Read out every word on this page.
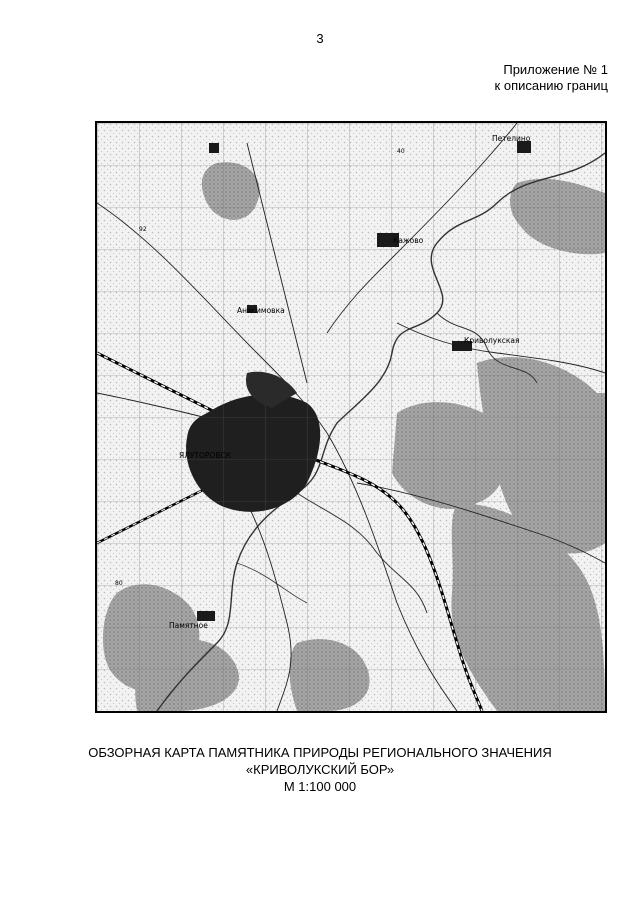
3
Приложение № 1
к описанию границ
Петелино
ЯЛУТОРОВСК
Криволукская
Памятное
Анисимовка
Кажово
40
92
80
ОБЗОРНАЯ КАРТА ПАМЯТНИКА ПРИРОДЫ РЕГИОНАЛЬНОГО ЗНАЧЕНИЯ
«КРИВОЛУКСКИЙ БОР»
М 1:100 000
